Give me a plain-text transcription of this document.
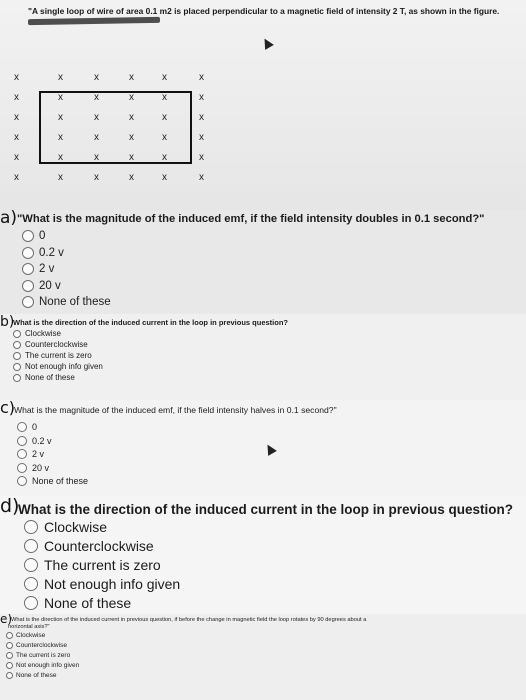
"A single loop of wire of area 0.1 m2 is placed perpendicular to a magnetic field of intensity 2 T, as shown in the figure.
x	x	x	x	x	x
x	x	x	x	x	x
x	x	x	x	x	x
x	x	x	x	x	x
x	x	x	x	x	x
x	x	x	x	x	x
a) "What is the magnitude of the induced emf, if the field intensity doubles in 0.1 second?"
0
0.2 v
2 v
20 v
None of these
b)
What is the direction of the induced current in the loop in previous question?
Clockwise
Counterclockwise
The current is zero
Not enough info given
None of these
c)
What is the magnitude of the induced emf, if the field intensity halves in 0.1 second?"
0
0.2 v
2 v
20 v
None of these
d)
What is the direction of the induced current in the loop in previous question?
Clockwise
Counterclockwise
The current is zero
Not enough info given
None of these
e)
What is the direction of the induced current in previous question, if before the change in magnetic field the loop rotates by 90 degrees about a
horizontal axis?"
Clockwise
Counterclockwise
The current is zero
Not enough info given
None of these
